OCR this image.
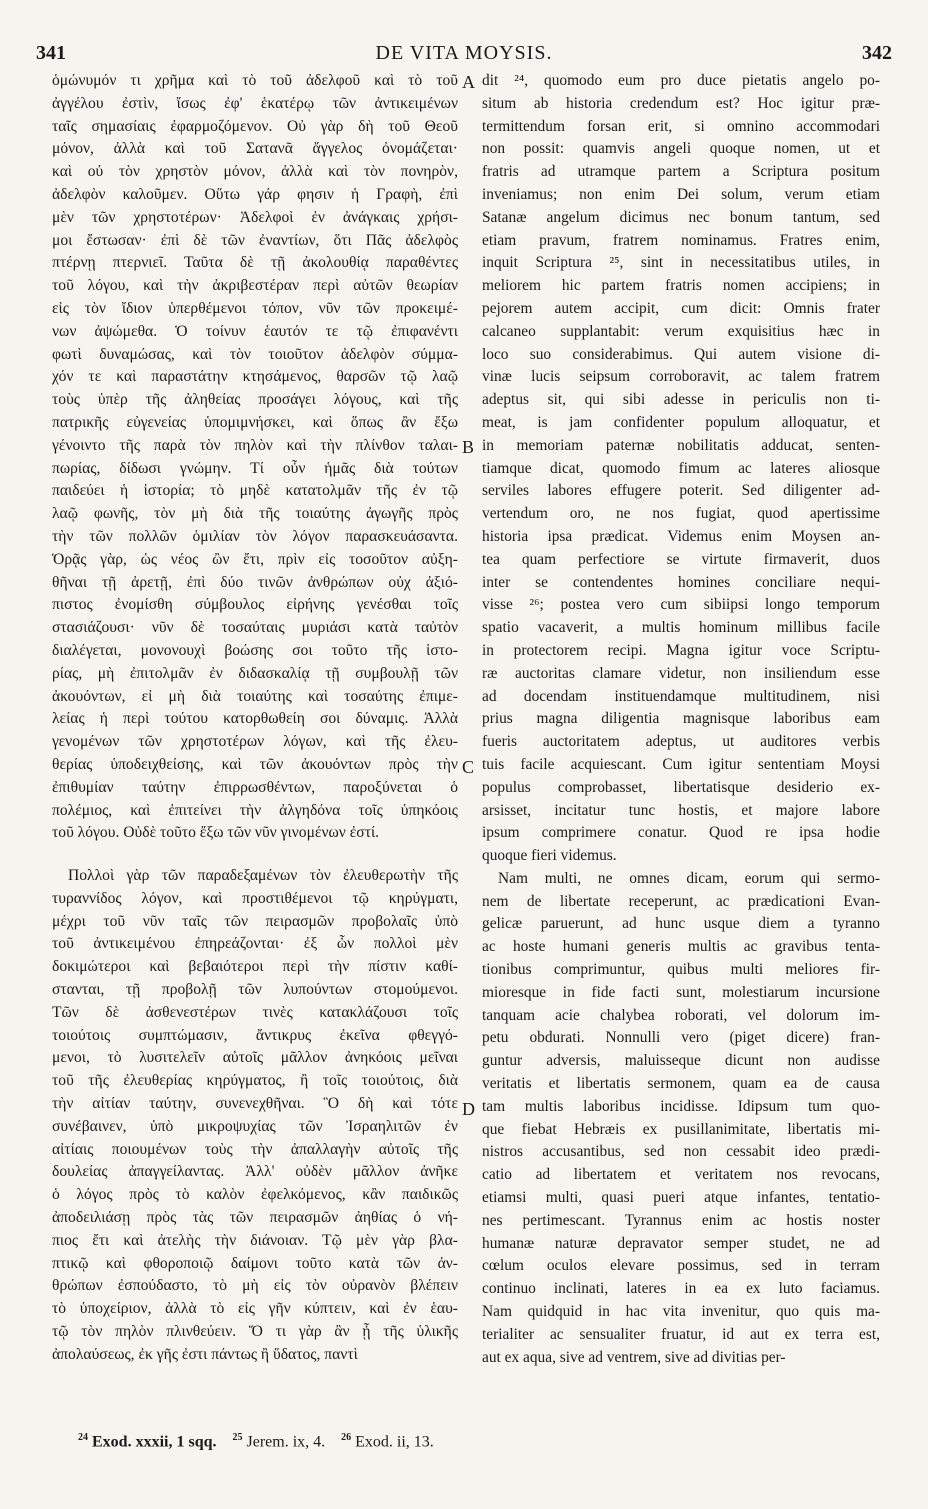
341	DE VITA MOYSIS.	342
ὁμώνυμόν τι χρῆμα καὶ τὸ τοῦ ἀδελφοῦ καὶ τὸ τοῦ
ἀγγέλου ἐστὶν, ἴσως ἐφ' ἑκατέρῳ τῶν ἀντικειμένων
ταῖς σημασίαις ἐφαρμοζόμενον. Οὐ γὰρ δὴ τοῦ Θεοῦ
μόνον, ἀλλὰ καὶ τοῦ Σατανᾶ ἄγγελος ὀνομάζεται·
καὶ οὐ τὸν χρηστὸν μόνον, ἀλλὰ καὶ τὸν πονηρὸν,
ἀδελφὸν καλοῦμεν. Οὕτω γάρ φησιν ἡ Γραφὴ, ἐπὶ
μὲν τῶν χρηστοτέρων· Ἀδελφοὶ ἐν ἀνάγκαις χρήσι-
μοι ἔστωσαν· ἐπὶ δὲ τῶν ἐναντίων, ὅτι Πᾶς ἀδελφὸς
πτέρνῃ πτερνιεῖ. Ταῦτα δὲ τῇ ἀκολουθίᾳ παραθέντες
τοῦ λόγου, καὶ τὴν ἀκριβεστέραν περὶ αὐτῶν θεωρίαν
εἰς τὸν ἴδιον ὑπερθέμενοι τόπον, νῦν τῶν προκειμέ-
νων ἀψώμεθα. Ὁ τοίνυν ἑαυτόν τε τῷ ἐπιφανέντι
φωτὶ δυναμώσας, καὶ τὸν τοιοῦτον ἀδελφὸν σύμμα-
χόν τε καὶ παραστάτην κτησάμενος, θαρσῶν τῷ λαῷ
τοὺς ὑπὲρ τῆς ἀληθείας προσάγει λόγους, καὶ τῆς
πατρικῆς εὐγενείας ὑπομιμνήσκει, καὶ ὅπως ἂν ἔξω
γένοιντο τῆς παρὰ τὸν πηλὸν καὶ τὴν πλίνθον ταλαι-
πωρίας, δίδωσι γνώμην. Τί οὖν ἡμᾶς διὰ τούτων
παιδεύει ἡ ἱστορία; τὸ μηδὲ κατατολμᾶν τῆς ἐν τῷ
λαῷ φωνῆς, τὸν μὴ διὰ τῆς τοιαύτης ἀγωγῆς πρὸς
τὴν τῶν πολλῶν ὁμιλίαν τὸν λόγον παρασκευάσαντα.
Ὁρᾷς γὰρ, ὡς νέος ὢν ἔτι, πρὶν εἰς τοσοῦτον αὐξη-
θῆναι τῇ ἀρετῇ, ἐπὶ δύο τινῶν ἀνθρώπων οὐχ ἀξιό-
πιστος ἐνομίσθη σύμβουλος εἰρήνης γενέσθαι τοῖς
στασιάζουσι· νῦν δὲ τοσαύταις μυριάσι κατὰ ταὐτὸν
διαλέγεται, μονονουχὶ βοώσης σοι τοῦτο τῆς ἱστο-
ρίας, μὴ ἐπιτολμᾶν ἐν διδασκαλίᾳ τῇ συμβουλῇ τῶν
ἀκουόντων, εἰ μὴ διὰ τοιαύτης καὶ τοσαύτης ἐπιμε-
λείας ἡ περὶ τούτου κατορθωθείη σοι δύναμις. Ἀλλὰ
γενομένων τῶν χρηστοτέρων λόγων, καὶ τῆς ἐλευ-
θερίας ὑποδειχθείσης, καὶ τῶν ἀκουόντων πρὸς τὴν
ἐπιθυμίαν ταύτην ἐπιρρωσθέντων, παροξύνεται ὁ
πολέμιος, καὶ ἐπιτείνει τὴν ἀλγηδόνα τοῖς ὑπηκόοις
τοῦ λόγου. Οὐδὲ τοῦτο ἔξω τῶν νῦν γινομένων ἐστί.
Πολλοὶ γὰρ τῶν παραδεξαμένων τὸν ἐλευθερωτὴν τῆς
τυραννίδος λόγον, καὶ προστιθέμενοι τῷ κηρύγματι,
μέχρι τοῦ νῦν ταῖς τῶν πειρασμῶν προβολαῖς ὑπὸ
τοῦ ἀντικειμένου ἐπηρεάζονται· ἐξ ὧν πολλοὶ μὲν
δοκιμώτεροι καὶ βεβαιότεροι περὶ τὴν πίστιν καθί-
στανται, τῇ προβολῇ τῶν λυπούντων στομούμενοι.
Τῶν δὲ ἀσθενεστέρων τινὲς κατακλάζουσι τοῖς
τοιούτοις συμπτώμασιν, ἄντικρυς ἐκεῖνα φθεγγό-
μενοι, τὸ λυσιτελεῖν αὐτοῖς μᾶλλον ἀνηκόοις μεῖναι
τοῦ τῆς ἐλευθερίας κηρύγματος, ἢ τοῖς τοιούτοις, διὰ
τὴν αἰτίαν ταύτην, συνενεχθῆναι. Ὃ δὴ καὶ τότε
συνέβαινεν, ὑπὸ μικροψυχίας τῶν Ἰσραηλιτῶν ἐν
αἰτίαις ποιουμένων τοὺς τὴν ἀπαλλαγὴν αὐτοῖς τῆς
δουλείας ἀπαγγείλαντας. Ἀλλ' οὐδὲν μᾶλλον ἀνῆκε
ὁ λόγος πρὸς τὸ καλὸν ἐφελκόμενος, κἂν παιδικῶς
ἀποδειλιάσῃ πρὸς τὰς τῶν πειρασμῶν ἀηθίας ὁ νή-
πιος ἔτι καὶ ἀτελὴς τὴν διάνοιαν. Τῷ μὲν γὰρ βλα-
πτικῷ καὶ φθοροποιῷ δαίμονι τοῦτο κατὰ τῶν ἀν-
θρώπων ἐσπούδαστο, τὸ μὴ εἰς τὸν οὐρανὸν βλέπειν
τὸ ὑποχείριον, ἀλλὰ τὸ εἰς γῆν κύπτειν, καὶ ἐν ἑαυ-
τῷ τὸν πηλὸν πλινθεύειν. Ὅ τι γὰρ ἂν ᾖ τῆς ὑλικῆς
ἀπολαύσεως, ἐκ γῆς ἐστι πάντως ἢ ὕδατος, παντὶ
dit ²⁴, quomodo eum pro duce pietatis angelo po-
situm ab historia credendum est? Hoc igitur præ-
termittendum forsan erit, si omnino accommodari
non possit: quamvis angeli quoque nomen, ut et
fratris ad utramque partem a Scriptura positum
inveniamus; non enim Dei solum, verum etiam
Satanæ angelum dicimus nec bonum tantum, sed
etiam pravum, fratrem nominamus. Fratres enim,
inquit Scriptura ²⁵, sint in necessitatibus utiles, in
meliorem hic partem fratris nomen accipiens; in
pejorem autem accipit, cum dicit: Omnis frater
calcaneo supplantabit: verum exquisitius hæc in
loco suo considerabimus. Qui autem visione di-
vinæ lucis seipsum corroboravit, ac talem fratrem
adeptus sit, qui sibi adesse in periculis non ti-
meat, is jam confidenter populum alloquatur, et
in memoriam paternæ nobilitatis adducat, senten-
tiamque dicat, quomodo fimum ac lateres aliosque
serviles labores effugere poterit. Sed diligenter ad-
vertendum oro, ne nos fugiat, quod apertissime
historia ipsa prædicat. Videmus enim Moysen an-
tea quam perfectiore se virtute firmaverit, duos
inter se contendentes homines conciliare nequi-
visse ²⁶; postea vero cum sibiipsi longo temporum
spatio vacaverit, a multis hominum millibus facile
in protectorem recipi. Magna igitur voce Scriptu-
ræ auctoritas clamare videtur, non insiliendum esse
ad docendam instituendamque multitudinem, nisi
prius magna diligentia magnisque laboribus eam
fueris auctoritatem adeptus, ut auditores verbis
tuis facile acquiescant. Cum igitur sententiam Moysi
populus comprobasset, libertatisque desiderio ex-
arsisset, incitatur tunc hostis, et majore labore
ipsum comprimere conatur. Quod re ipsa hodie
quoque fieri videmus.
Nam multi, ne omnes dicam, eorum qui sermo-
nem de libertate receperunt, ac prædicationi Evan-
gelicæ paruerunt, ad hunc usque diem a tyranno
ac hoste humani generis multis ac gravibus tenta-
tionibus comprimuntur, quibus multi meliores fir-
mioresque in fide facti sunt, molestiarum incursione
tanquam acie chalybea roborati, vel dolorum im-
petu obdurati. Nonnulli vero (piget dicere) fran-
guntur adversis, maluisseque dicunt non audisse
veritatis et libertatis sermonem, quam ea de causa
tam multis laboribus incidisse. Idipsum tum quo-
que fiebat Hebræis ex pusillanimitate, libertatis mi-
nistros accusantibus, sed non cessabit ideo prædi-
catio ad libertatem et veritatem nos revocans,
etiamsi multi, quasi pueri atque infantes, tentatio-
nes pertimescant. Tyrannus enim ac hostis noster
humanæ naturæ depravator semper studet, ne ad
cœlum oculos elevare possimus, sed in terram
continuo inclinati, lateres in ea ex luto faciamus.
Nam quidquid in hac vita invenitur, quo quis ma-
terialiter ac sensualiter fruatur, id aut ex terra est,
aut ex aqua, sive ad ventrem, sive ad divitias per-
A
B
C
D
$^{24}$ Exod. xxxii, 1 sqq. $^{25}$ Jerem. ix, 4. $^{26}$ Exod. ii, 13.
